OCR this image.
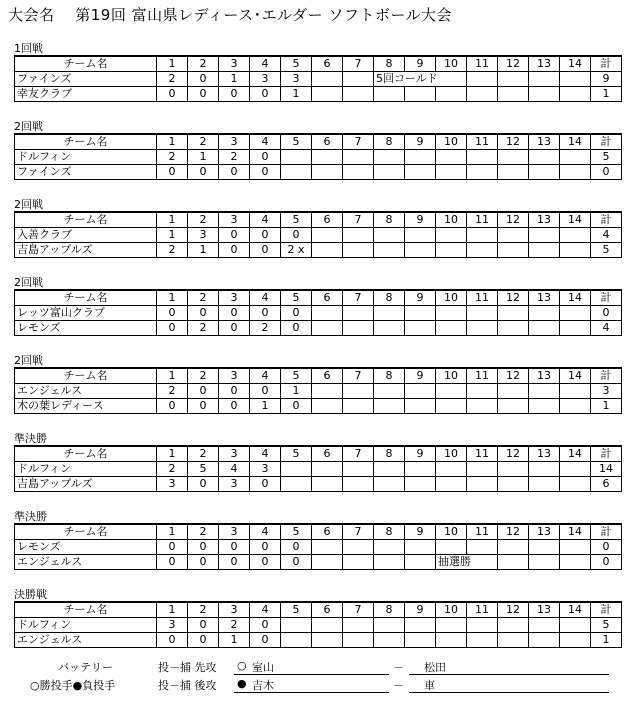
大会名　 第19回 富山県レディース･エルダー ソフトボール大会
1回戦
チーム名	1	2	3	4	5	6	7	8	9	10	11	12	13	14	計
ファインズ	2	0	1	3	3			5回コールド							9
幸友クラブ	0	0	0	0	1										1
2回戦
チーム名	1	2	3	4	5	6	7	8	9	10	11	12	13	14	計
ドルフィン	2	1	2	0											5
ファインズ	0	0	0	0											0
2回戦
チーム名	1	2	3	4	5	6	7	8	9	10	11	12	13	14	計
入善クラブ	1	3	0	0	0										4
吉島アップルズ	2	1	0	0	2 x										5
2回戦
チーム名	1	2	3	4	5	6	7	8	9	10	11	12	13	14	計
レッツ富山クラブ	0	0	0	0	0										0
レモンズ	0	2	0	2	0										4
2回戦
チーム名	1	2	3	4	5	6	7	8	9	10	11	12	13	14	計
エンジェルス	2	0	0	0	1										3
木の葉レディース	0	0	0	1	0										1
準決勝
チーム名	1	2	3	4	5	6	7	8	9	10	11	12	13	14	計
ドルフィン	2	5	4	3											14
吉島アップルズ	3	0	3	0											6
準決勝
チーム名	1	2	3	4	5	6	7	8	9	10	11	12	13	14	計
レモンズ	0	0	0	0	0										0
エンジェルス	0	0	0	0	0					抽選勝					0
決勝戦
チーム名	1	2	3	4	5	6	7	8	9	10	11	12	13	14	計
ドルフィン	3	0	2	0											5
エンジェルス	0	0	1	0											1
バッテリー
○勝投手●負投手
投－捕 先攻 ○ 室山	－ 松田
投－捕 後攻 ● 吉木	－ 車
